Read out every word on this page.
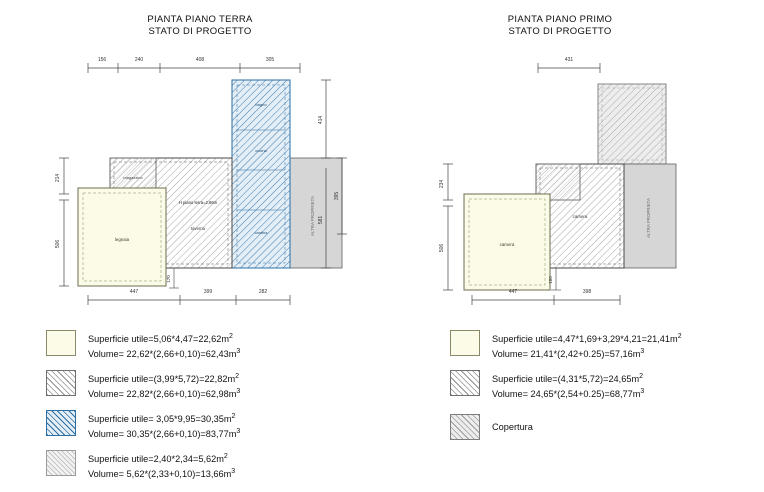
PIANTA PIANO TERRA
STATO DI PROGETTO
PIANTA PIANO PRIMO
STATO DI PROGETTO
156	240	408	305
ALTRA PROPRIETA
bagno
cucina
cantina
magazzino
taverna
H piano terra=2,66m
legnaia
214
506
414
395
581
170
447	399	282
431
ALTRA PROPRIETA
camera
camera
234
506
180
447	398
Superficie $utile=5,06*4,47=22,62m^2$
Volume= $22,62*(2,66+0,10)=62,43m^3$
Superficie $utile=(3,99*5,72)=22,82m^2$
Volume= $22,82*(2,66+0,10)=62,98m^3$
Superficie utile= $3,05*9,95=30,35m^2$
Volume= $30,35*(2,66+0,10)=83,77m^3$
Superficie $utile=2,40*2,34=5,62m^2$
Volume= $5,62*(2,33+0,10)=13,66m^3$
Superficie $utile=4,47*1,69+3,29*4,21=21,41m^2$
Volume= $21,41*(2,42+0.25)=57,16m^3$
Superficie $utile=(4,31*5,72)=24,65m^2$
Volume= $24,65*(2,54+0.25)=68,77m^3$
Copertura
